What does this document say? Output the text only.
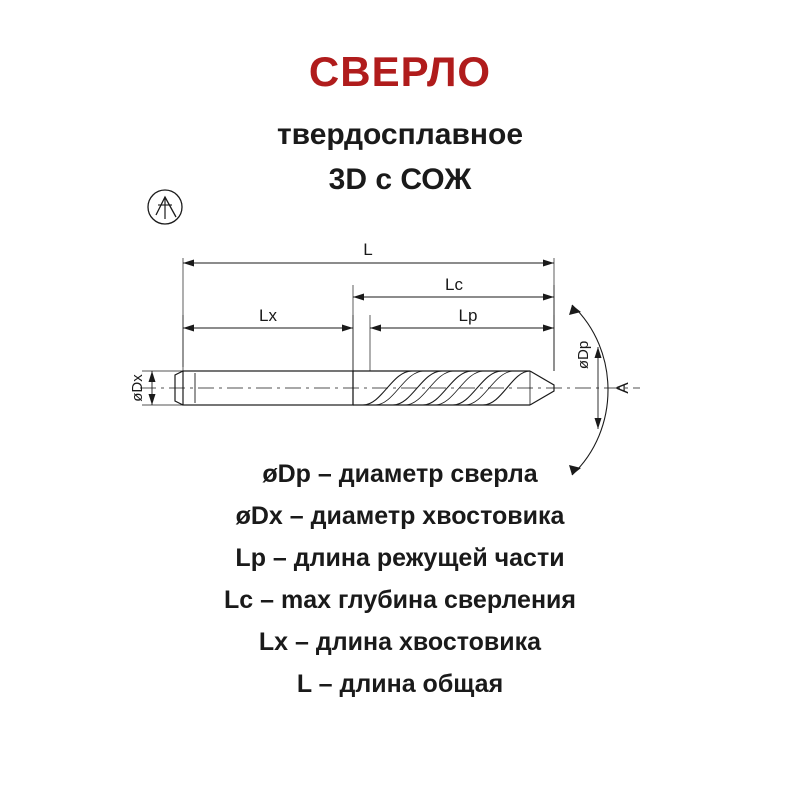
СВЕРЛО
твердосплавное
3D с СОЖ
L
Lc
Lx	Lp
øDx
øDp
A
øDp – диаметр сверла
øDx – диаметр хвостовика
Lp – длина режущей части
Lc – max глубина сверления
Lx – длина хвостовика
L – длина общая
